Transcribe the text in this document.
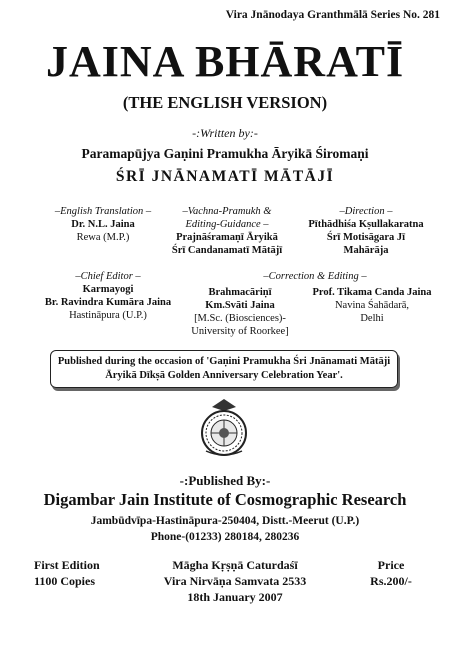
Vira Jnānodaya Granthmālā Series No. 281
JAINA BHĀRATĪ
(THE ENGLISH VERSION)
-:Written by:-
Paramapūjya Gaṇini Pramukha Āryikā Śiromaṇi
ŚRĪ JNĀNAMATĪ MĀTĀJĪ
–English Translation –
Dr. N.L. Jaina
Rewa (M.P.)
–Vachna-Pramukh &
Editing-Guidance –
Prajnāśramaṇī Āryikā
Śrī Candanamatī Mātājī
–Direction –
Pīthādhiśa Kṣullakaratna
Śrī Motisāgara Jī
Mahārāja
–Chief Editor –
Karmayogi
Br. Ravindra Kumāra Jaina
Hastināpura (U.P.)
–Correction & Editing –
Brahmacāriṇī
Km.Svāti Jaina
[M.Sc. (Biosciences)-
University of Roorkee]
Prof. Tikama Canda Jaina
Navina Śahādarā,
Delhi
Published during the occasion of 'Gaṇini Pramukha Śri Jnānamati Mātāji
Āryikā Dīkṣā Golden Anniversary Celebration Year'.
-:Published By:-
Digambar Jain Institute of Cosmographic Research
Jambūdvīpa-Hastināpura-250404, Distt.-Meerut (U.P.)
Phone-(01233) 280184, 280236
First Edition
1100 Copies
Māgha Kṛṣṇā Caturdaśī
Vira Nirvāṇa Samvata 2533
18th January 2007
Price
Rs.200/-
